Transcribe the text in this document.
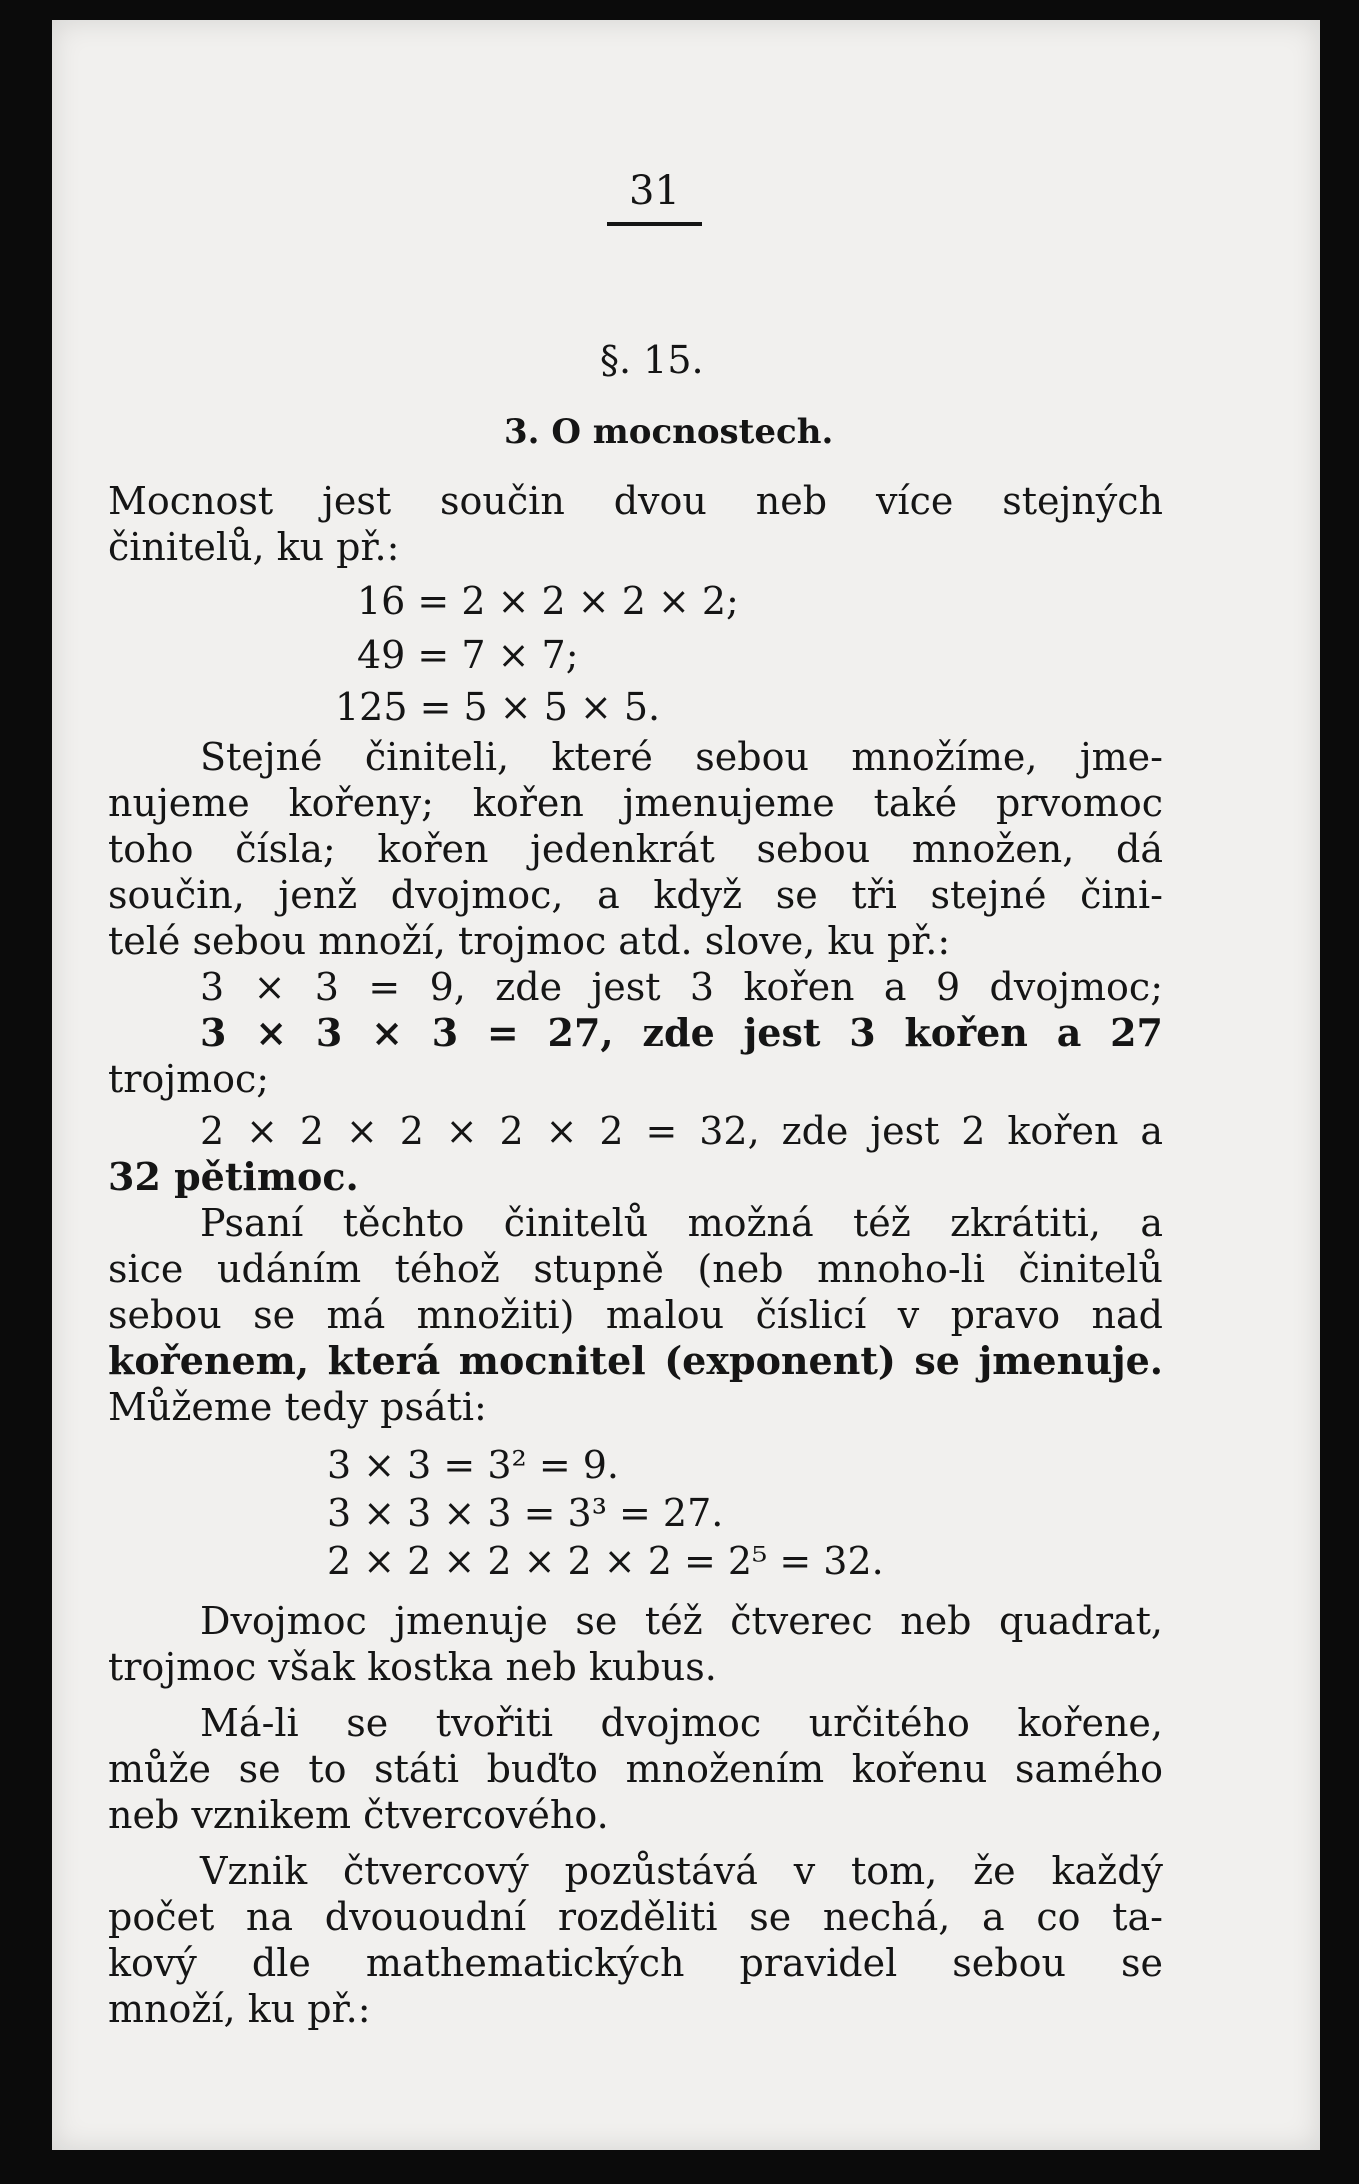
31
§. 15.
3. O mocnostech.
Mocnost jest součin dvou neb více stejných
činitelů, ku př.:
16 = 2 × 2 × 2 × 2;
49 = 7 × 7;
125 = 5 × 5 × 5.
Stejné činiteli, které sebou množíme, jme-
nujeme kořeny; kořen jmenujeme také prvomoc
toho čísla; kořen jedenkrát sebou množen, dá
součin, jenž dvojmoc, a když se tři stejné čini-
telé sebou množí, trojmoc atd. slove, ku př.:
3 × 3 = 9, zde jest 3 kořen a 9 dvojmoc;
3 × 3 × 3 = 27, zde jest 3 kořen a 27
trojmoc;
2 × 2 × 2 × 2 × 2 = 32, zde jest 2 kořen a
32 pětimoc.
Psaní těchto činitelů možná též zkrátiti, a
sice udáním téhož stupně (neb mnoho-li činitelů
sebou se má množiti) malou číslicí v pravo nad
kořenem, která mocnitel (exponent) se jmenuje.
Můžeme tedy psáti:
3 × 3 = 3² = 9.
3 × 3 × 3 = 3³ = 27.
2 × 2 × 2 × 2 × 2 = 2⁵ = 32.
Dvojmoc jmenuje se též čtverec neb quadrat,
trojmoc však kostka neb kubus.
Má-li se tvořiti dvojmoc určitého kořene,
může se to státi buďto množením kořenu samého
neb vznikem čtvercového.
Vznik čtvercový pozůstává v tom, že každý
počet na dvououdní rozděliti se nechá, a co ta-
kový dle mathematických pravidel sebou se
množí, ku př.:
